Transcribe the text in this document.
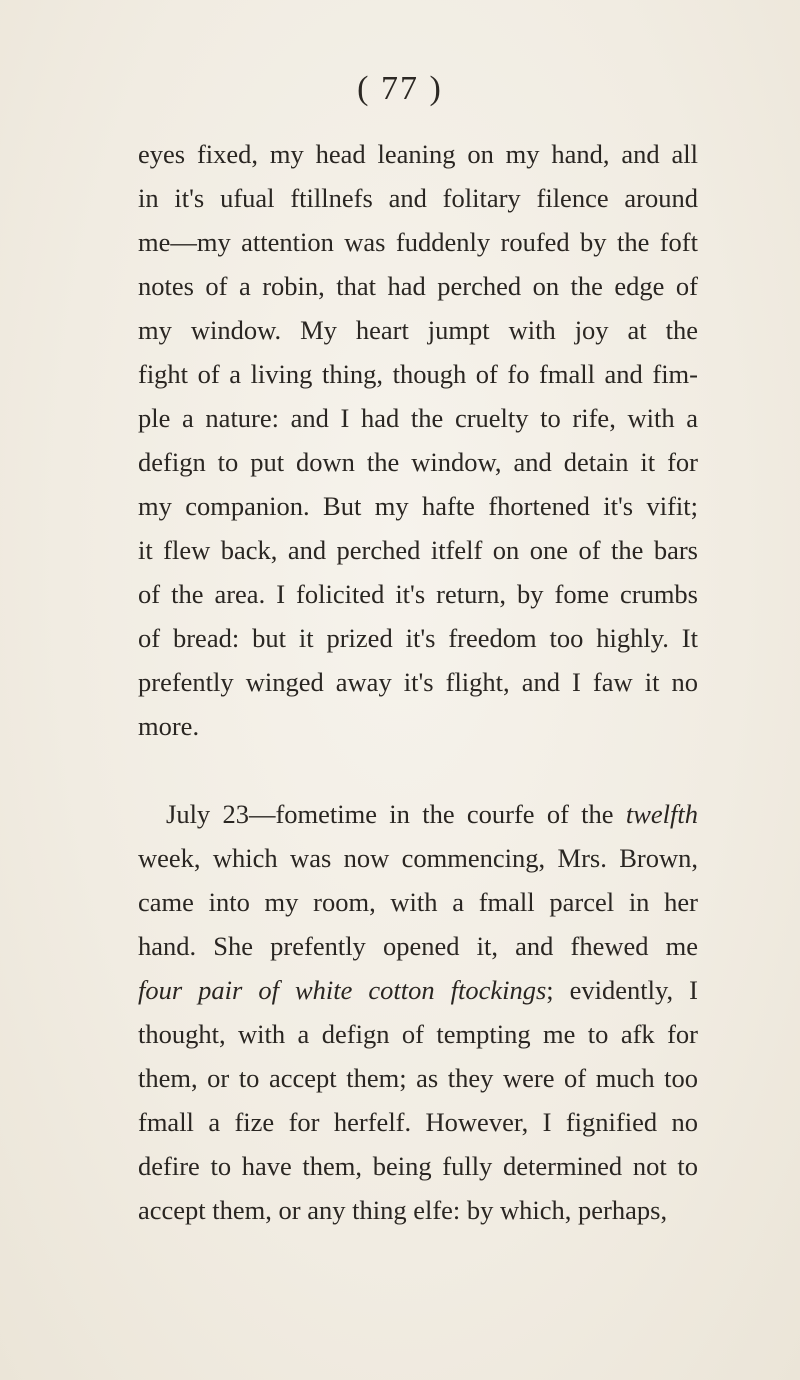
( 77 )
eyes fixed, my head leaning on my hand, and all
in it's ufual ftillnefs and folitary filence around
me—my attention was fuddenly roufed by the foft
notes of a robin, that had perched on the edge of
my window. My heart jumpt with joy at the
fight of a living thing, though of fo fmall and fim-
ple a nature: and I had the cruelty to rife, with a
defign to put down the window, and detain it for
my companion. But my hafte fhortened it's vifit;
it flew back, and perched itfelf on one of the bars
of the area. I folicited it's return, by fome crumbs
of bread: but it prized it's freedom too highly. It
prefently winged away it's flight, and I faw it no
more.
July 23—fometime in the courfe of the twelfth
week, which was now commencing, Mrs. Brown,
came into my room, with a fmall parcel in her
hand. She prefently opened it, and fhewed me
four pair of white cotton ftockings; evidently, I
thought, with a defign of tempting me to afk for
them, or to accept them; as they were of much too
fmall a fize for herfelf. However, I fignified no
defire to have them, being fully determined not to
accept them, or any thing elfe: by which, perhaps,
